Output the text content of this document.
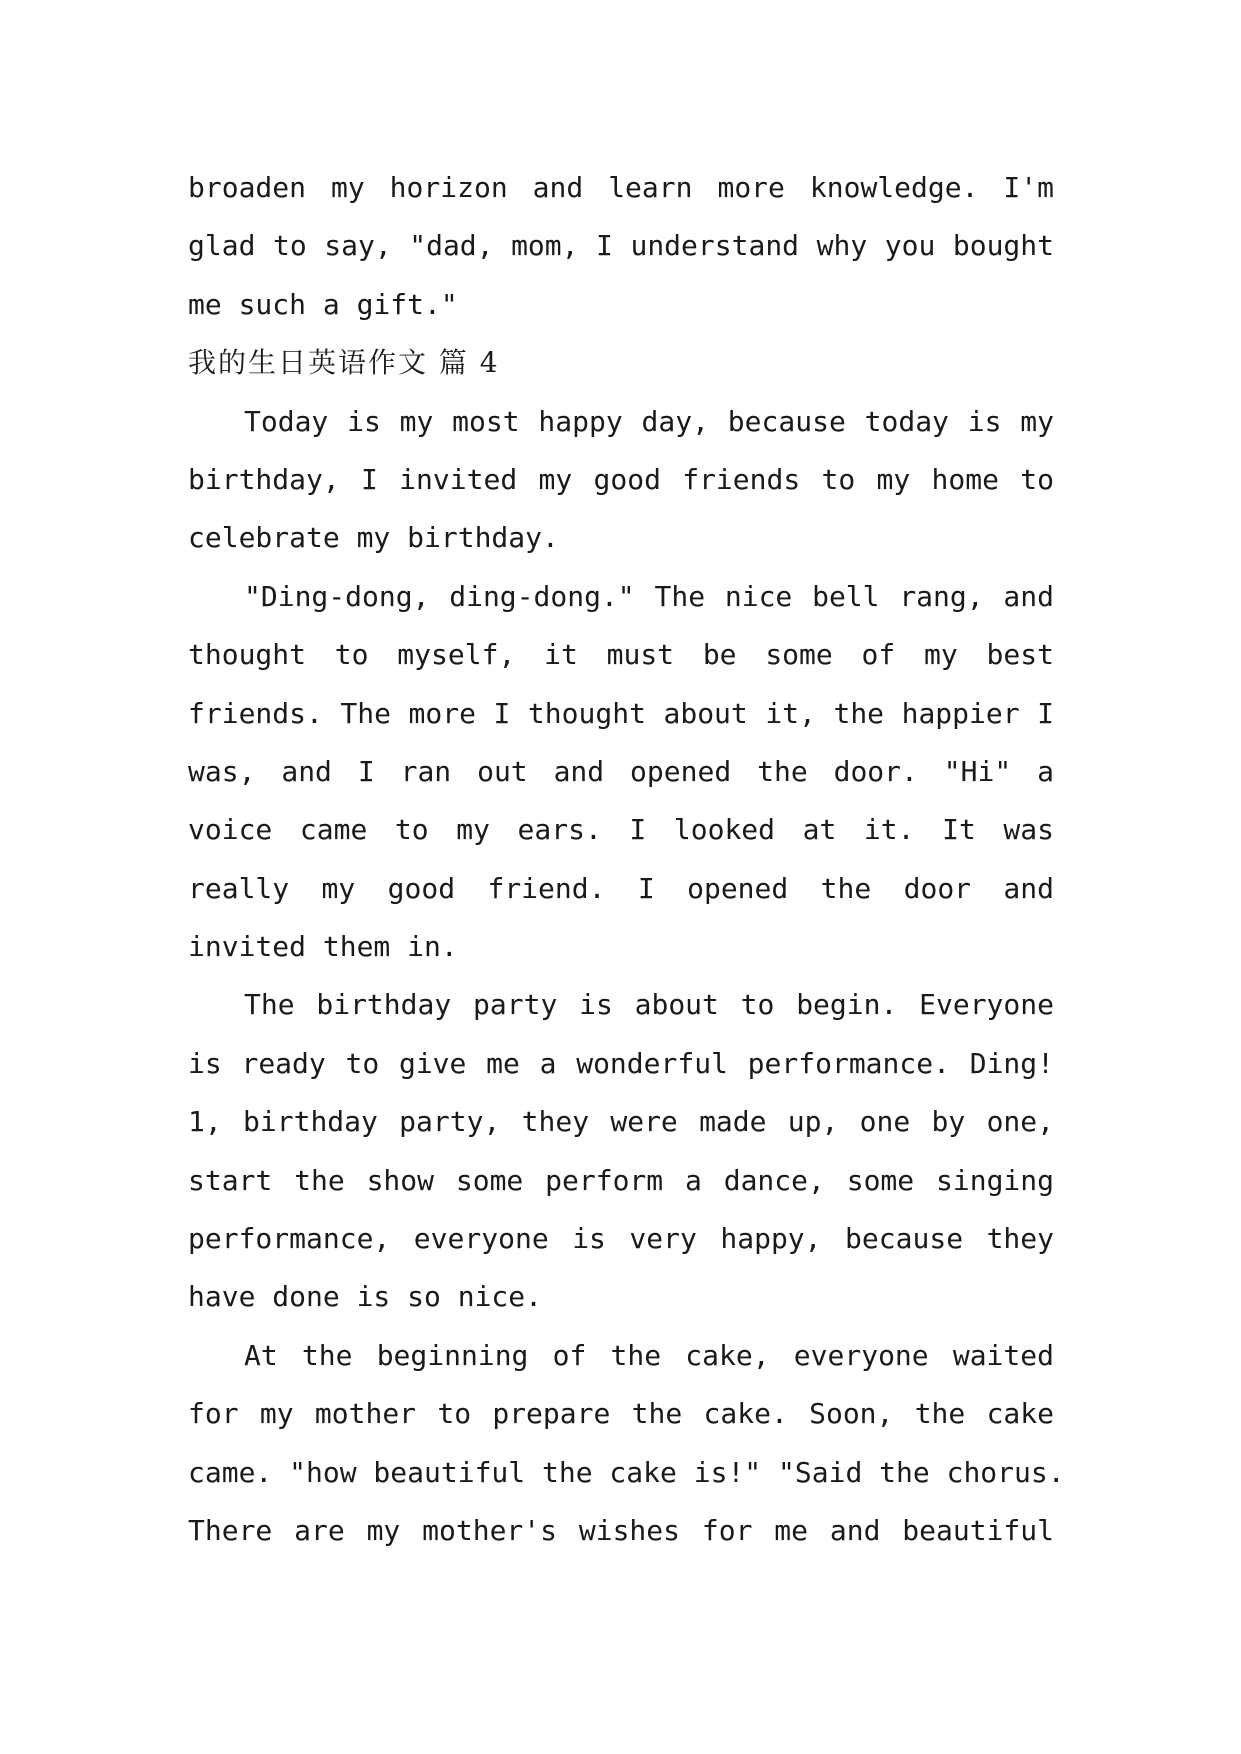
broaden my horizon and learn more knowledge. I'm
glad to say, "dad, mom, I understand why you bought
me such a gift."
我的生日英语作文 篇 4
Today is my most happy day, because today is my
birthday, I invited my good friends to my home to
celebrate my birthday.
"Ding-dong, ding-dong." The nice bell rang, and
thought to myself, it must be some of my best
friends. The more I thought about it, the happier I
was, and I ran out and opened the door. "Hi" a
voice came to my ears. I looked at it. It was
really my good friend. I opened the door and
invited them in.
The birthday party is about to begin. Everyone
is ready to give me a wonderful performance. Ding!
1, birthday party, they were made up, one by one,
start the show some perform a dance, some singing
performance, everyone is very happy, because they
have done is so nice.
At the beginning of the cake, everyone waited
for my mother to prepare the cake. Soon, the cake
came. "how beautiful the cake is!" "Said the chorus.
There are my mother's wishes for me and beautiful
